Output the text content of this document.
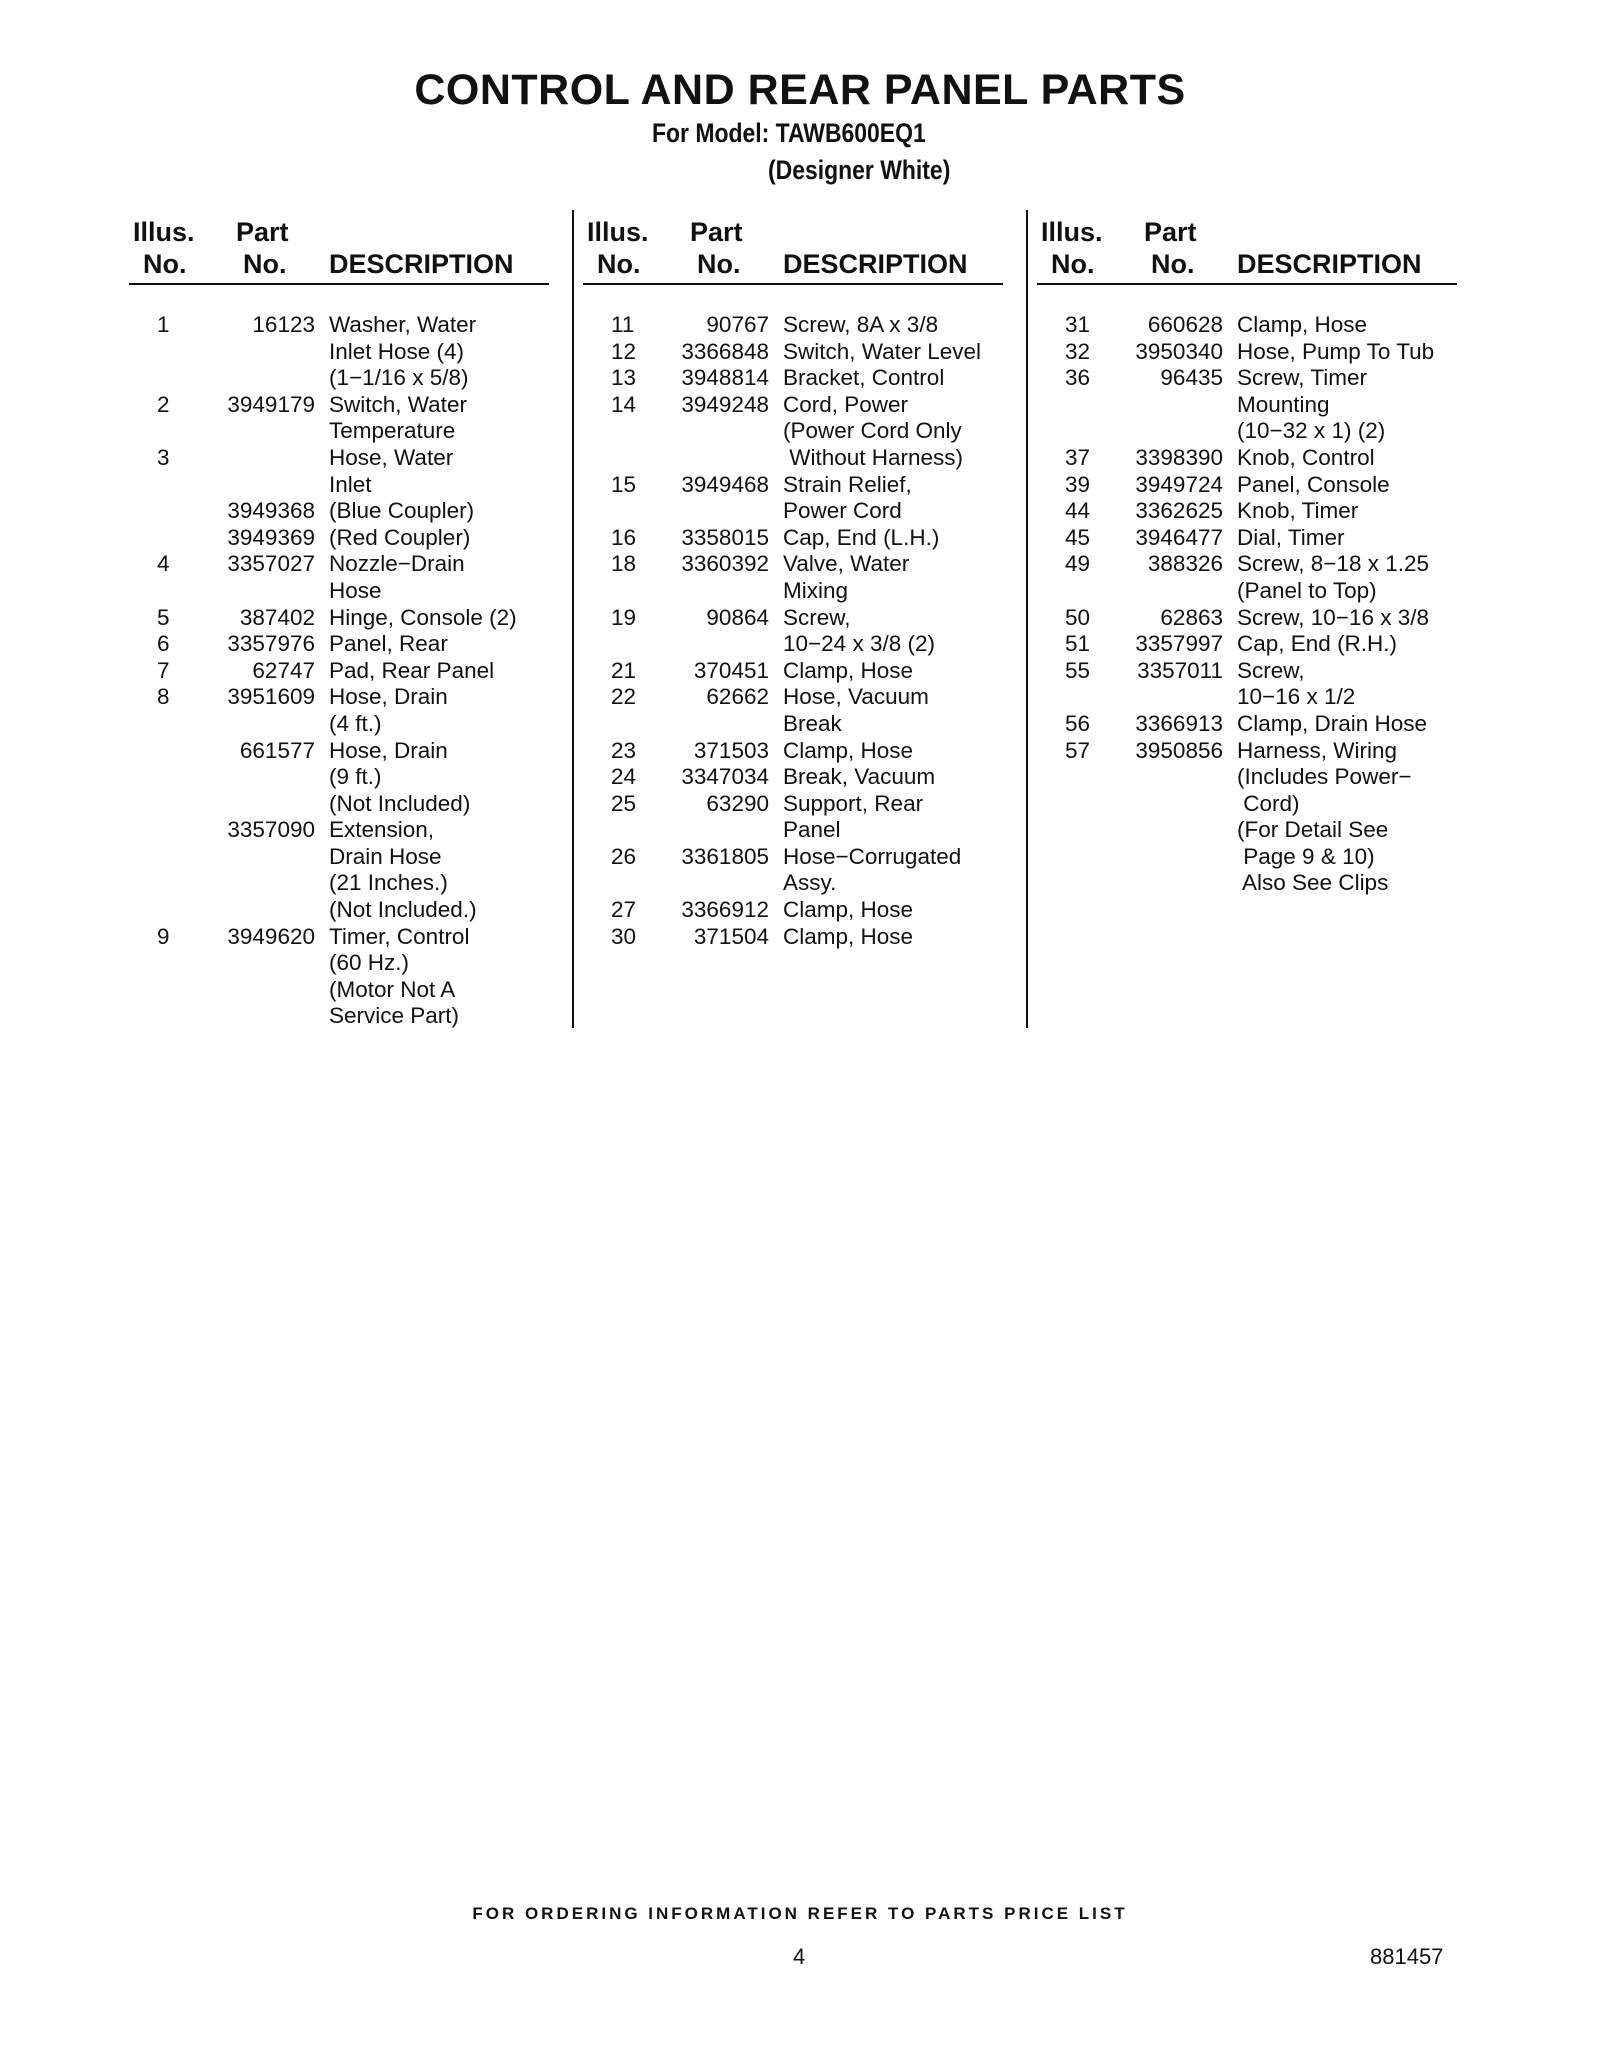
CONTROL AND REAR PANEL PARTS
For Model: TAWB600EQ1
(Designer White)
Illus.
No.
Part
No. DESCRIPTION
1	16123 Washer, Water
Inlet Hose (4)
(1−1/16 x 5/8)
2	3949179 Switch, Water
Temperature
3	Hose, Water
Inlet
3949368 (Blue Coupler)
3949369 (Red Coupler)
4	3357027 Nozzle−Drain
Hose
5	387402 Hinge, Console (2)
6	3357976 Panel, Rear
7	62747 Pad, Rear Panel
8	3951609 Hose, Drain
(4 ft.)
661577 Hose, Drain
(9 ft.)
(Not Included)
3357090 Extension,
Drain Hose
(21 Inches.)
(Not Included.)
9	3949620 Timer, Control
(60 Hz.)
(Motor Not A
Service Part)
Illus.
No.
Part
No. DESCRIPTION
11	90767 Screw, 8A x 3/8
12	3366848 Switch, Water Level
13	3948814 Bracket, Control
14	3949248 Cord, Power
(Power Cord Only
Without Harness)
15	3949468 Strain Relief,
Power Cord
16	3358015 Cap, End (L.H.)
18	3360392 Valve, Water
Mixing
19	90864 Screw,
10−24 x 3/8 (2)
21	370451 Clamp, Hose
22	62662 Hose, Vacuum
Break
23	371503 Clamp, Hose
24	3347034 Break, Vacuum
25	63290 Support, Rear
Panel
26	3361805 Hose−Corrugated
Assy.
27	3366912 Clamp, Hose
30	371504 Clamp, Hose
Illus.
No.
Part
No. DESCRIPTION
31	660628 Clamp, Hose
32	3950340 Hose, Pump To Tub
36	96435 Screw, Timer
Mounting
(10−32 x 1) (2)
37	3398390 Knob, Control
39	3949724 Panel, Console
44	3362625 Knob, Timer
45	3946477 Dial, Timer
49	388326 Screw, 8−18 x 1.25
(Panel to Top)
50	62863 Screw, 10−16 x 3/8
51	3357997 Cap, End (R.H.)
55	3357011 Screw,
10−16 x 1/2
56	3366913 Clamp, Drain Hose
57	3950856 Harness, Wiring
(Includes Power−
Cord)
(For Detail See
Page 9 & 10)
Also See Clips
FOR ORDERING INFORMATION REFER TO PARTS PRICE LIST
4	881457
